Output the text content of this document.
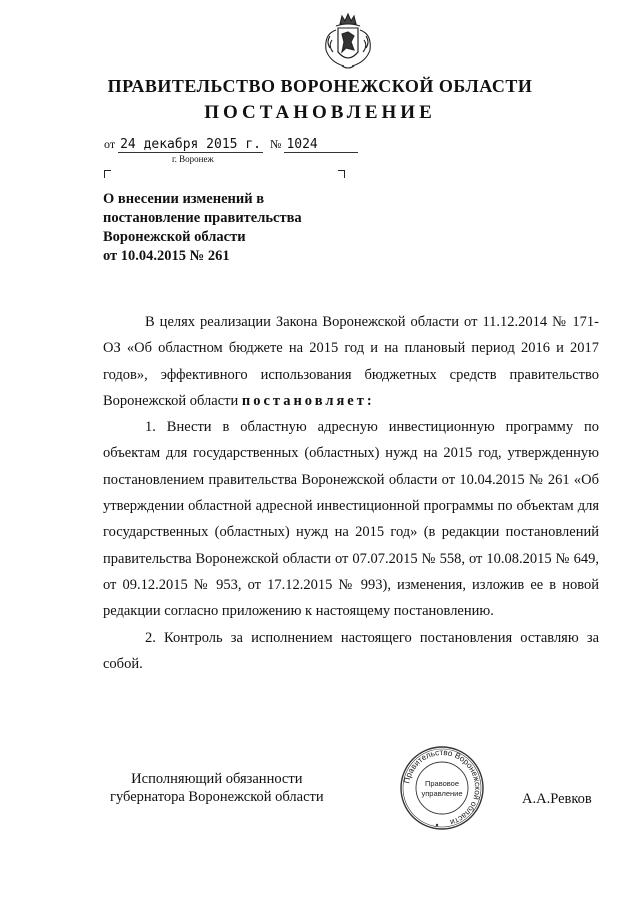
ПРАВИТЕЛЬСТВО ВОРОНЕЖСКОЙ ОБЛАСТИ
ПОСТАНОВЛЕНИЕ
от 24 декабря 2015 г. № 1024
г. Воронеж
О внесении изменений в
постановление правительства
Воронежской области
от 10.04.2015 № 261

В целях реализации Закона Воронежской области от 11.12.2014 № 171-ОЗ «Об областном бюджете на 2015 год и на плановый период 2016 и 2017 годов», эффективного использования бюджетных средств правительство Воронежской области постановляет:

1. Внести в областную адресную инвестиционную программу по объектам для государственных (областных) нужд на 2015 год, утвержденную постановлением правительства Воронежской области от 10.04.2015 № 261 «Об утверждении областной адресной инвестиционной программы по объектам для государственных (областных) нужд на 2015 год» (в редакции постановлений правительства Воронежской области от 07.07.2015 № 558, от 10.08.2015 № 649, от 09.12.2015 № 953, от 17.12.2015 № 993), изменения, изложив ее в новой редакции согласно приложению к настоящему постановлению.

2. Контроль за исполнением настоящего постановления оставляю за собой.

Исполняющий обязанности
губернатора Воронежской области
Правительство Воронежской области
Правовое
управление	А.А.Ревков
